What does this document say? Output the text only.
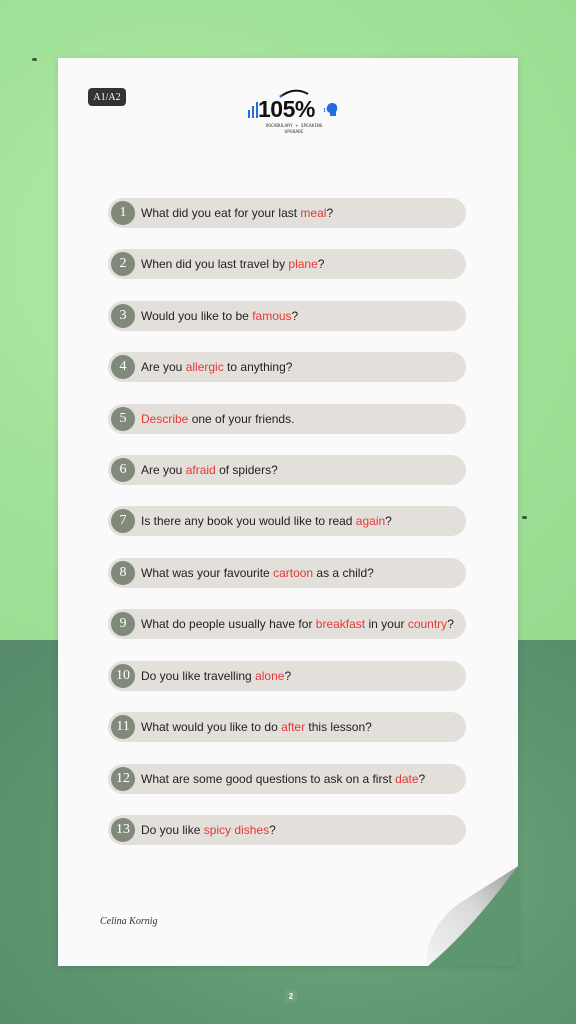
A1/A2	105%
VOCABULARY + SPEAKING
UPGRADE
1	What did you eat for your last meal?
2	When did you last travel by plane?
3	Would you like to be famous?
4	Are you allergic to anything?
5	Describe one of your friends.
6	Are you afraid of spiders?
7	Is there any book you would like to read again?
8	What was your favourite cartoon as a child?
9	What do people usually have for breakfast in your country?
10 Do you like travelling alone?
11 What would you like to do after this lesson?
12 What are some good questions to ask on a first date?
13 Do you like spicy dishes?
Celina Kornig
2
